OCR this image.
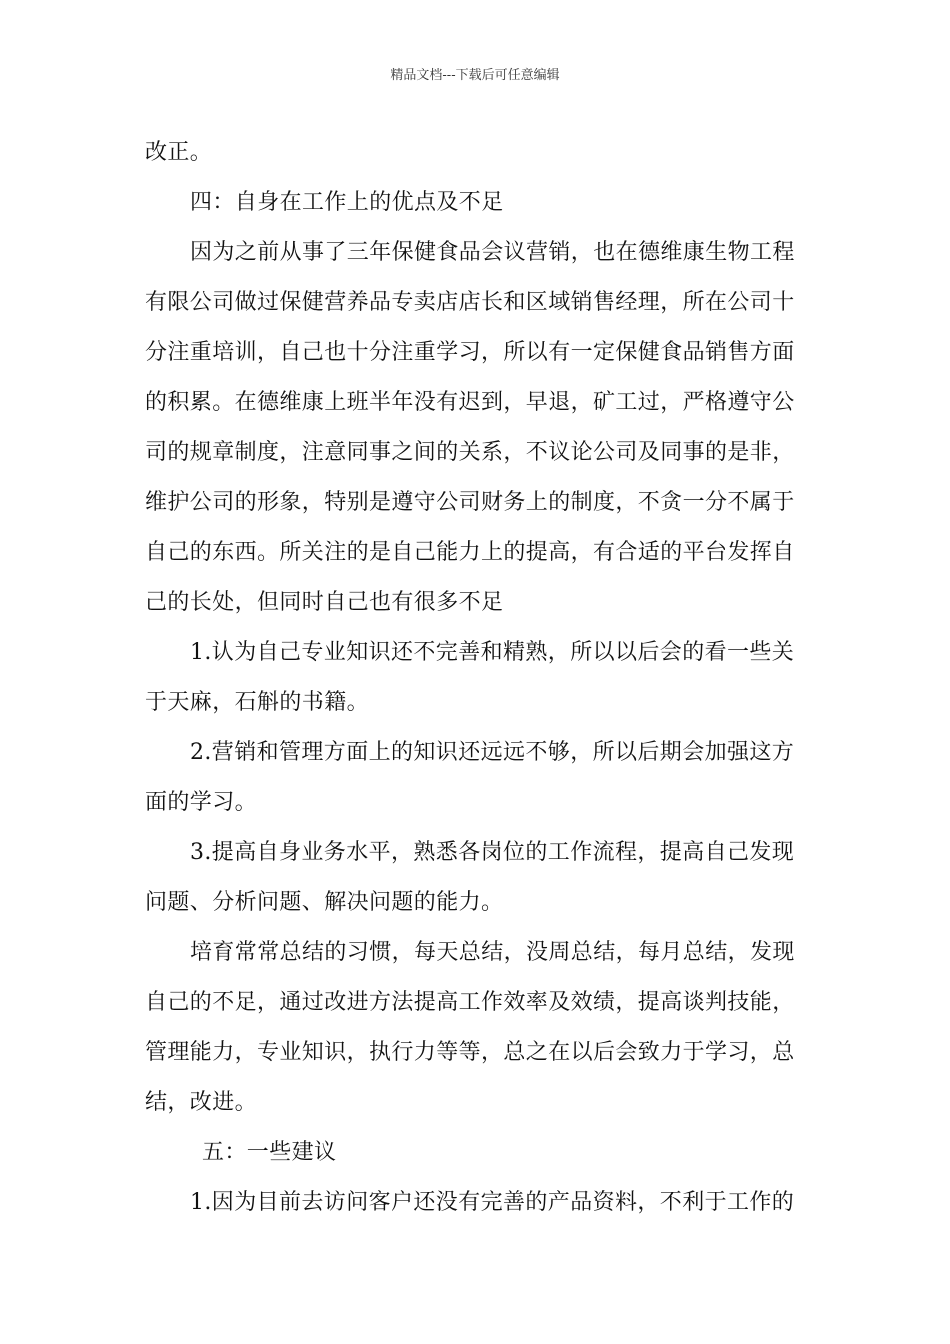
精品文档---下载后可任意编辑
改正。
四：自身在工作上的优点及不足
因为之前从事了三年保健食品会议营销，也在德维康生物工程
有限公司做过保健营养品专卖店店长和区域销售经理，所在公司十
分注重培训，自己也十分注重学习，所以有一定保健食品销售方面
的积累。在德维康上班半年没有迟到，早退，矿工过，严格遵守公
司的规章制度，注意同事之间的关系，不议论公司及同事的是非，
维护公司的形象，特别是遵守公司财务上的制度，不贪一分不属于
自己的东西。所关注的是自己能力上的提高，有合适的平台发挥自
己的长处，但同时自己也有很多不足
1.认为自己专业知识还不完善和精熟，所以以后会的看一些关
于天麻，石斛的书籍。
2.营销和管理方面上的知识还远远不够，所以后期会加强这方
面的学习。
3.提高自身业务水平，熟悉各岗位的工作流程，提高自己发现
问题、分析问题、解决问题的能力。
培育常常总结的习惯，每天总结，没周总结，每月总结，发现
自己的不足，通过改进方法提高工作效率及效绩，提高谈判技能，
管理能力，专业知识，执行力等等，总之在以后会致力于学习，总
结，改进。
五：一些建议
1.因为目前去访问客户还没有完善的产品资料，不利于工作的
